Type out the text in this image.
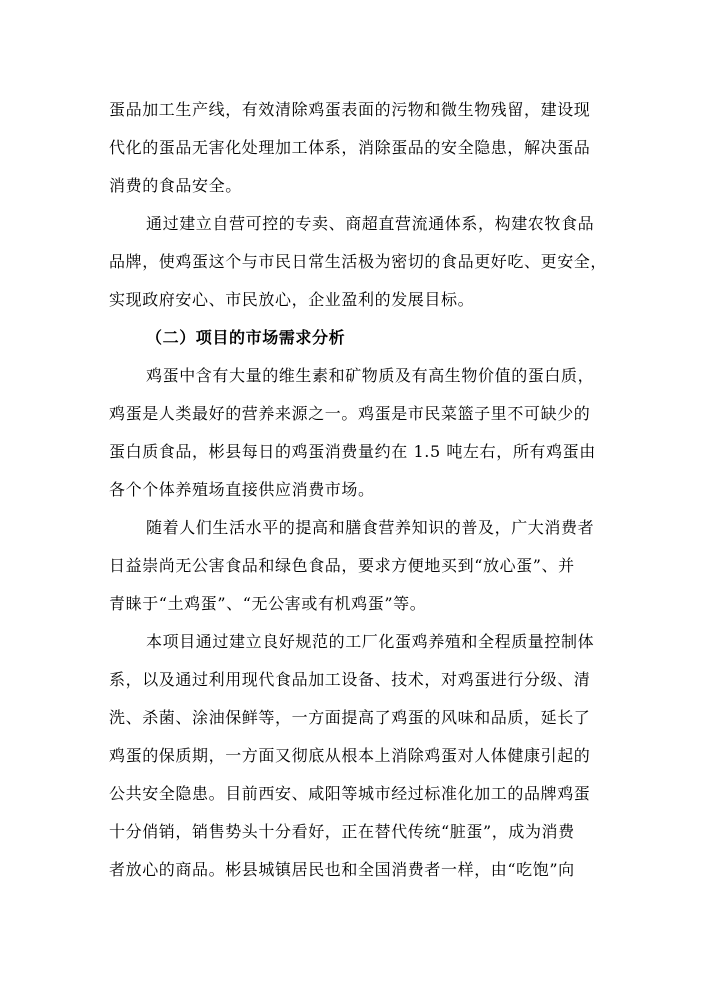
蛋品加工生产线，有效清除鸡蛋表面的污物和微生物残留，建设现
代化的蛋品无害化处理加工体系，消除蛋品的安全隐患，解决蛋品
消费的食品安全。
通过建立自营可控的专卖、商超直营流通体系，构建农牧食品
品牌，使鸡蛋这个与市民日常生活极为密切的食品更好吃、更安全，
实现政府安心、市民放心，企业盈利的发展目标。
（二）项目的市场需求分析
鸡蛋中含有大量的维生素和矿物质及有高生物价值的蛋白质，
鸡蛋是人类最好的营养来源之一。鸡蛋是市民菜篮子里不可缺少的
蛋白质食品，彬县每日的鸡蛋消费量约在 1.5 吨左右，所有鸡蛋由
各个个体养殖场直接供应消费市场。
随着人们生活水平的提高和膳食营养知识的普及，广大消费者
日益崇尚无公害食品和绿色食品，要求方便地买到“放心蛋”、并
青睐于“土鸡蛋”、“无公害或有机鸡蛋”等。
本项目通过建立良好规范的工厂化蛋鸡养殖和全程质量控制体
系，以及通过利用现代食品加工设备、技术，对鸡蛋进行分级、清
洗、杀菌、涂油保鲜等，一方面提高了鸡蛋的风味和品质，延长了
鸡蛋的保质期，一方面又彻底从根本上消除鸡蛋对人体健康引起的
公共安全隐患。目前西安、咸阳等城市经过标准化加工的品牌鸡蛋
十分俏销，销售势头十分看好，正在替代传统“脏蛋”，成为消费
者放心的商品。彬县城镇居民也和全国消费者一样，由“吃饱”向
